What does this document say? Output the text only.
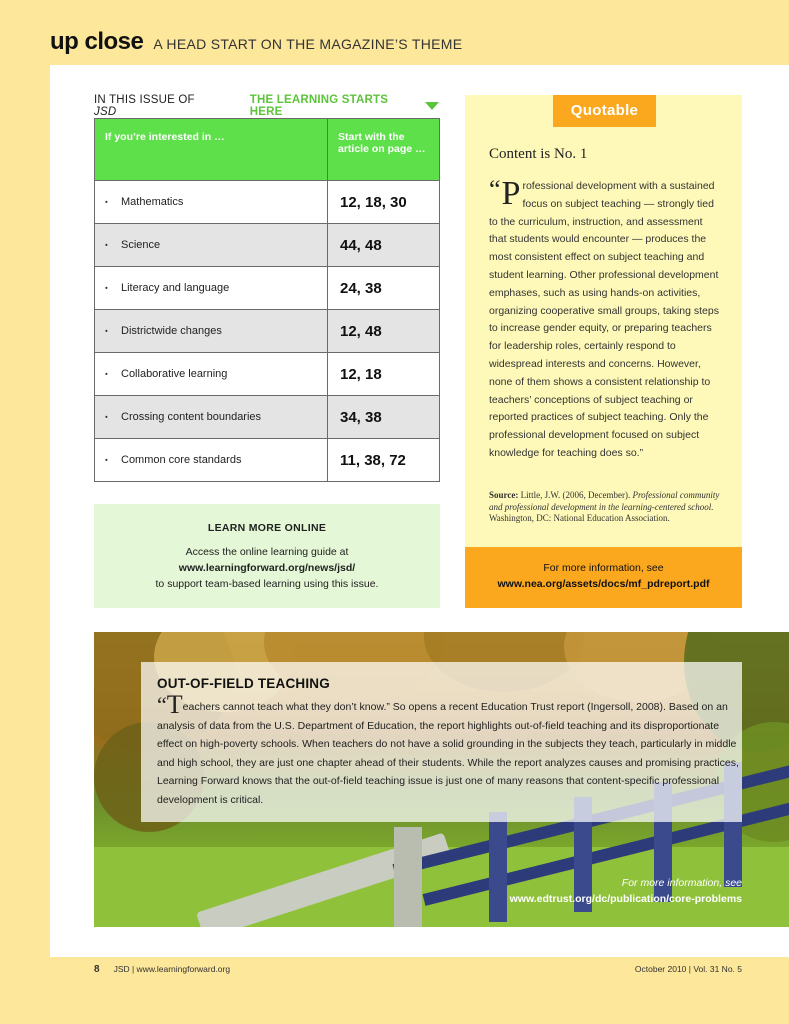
up close A HEAD START ON THE MAGAZINE’S THEME
IN THIS ISSUE OF JSD
THE LEARNING STARTS HERE
If you’re interested in …	Start with the article on page …
• Mathematics	12, 18, 30
• Science	44, 48
• Literacy and language	24, 38
• Districtwide changes	12, 48
• Collaborative learning	12, 18
• Crossing content boundaries	34, 38
• Common core standards	11, 38, 72
LEARN MORE ONLINE
Access the online learning guide at
www.learningforward.org/news/jsd/
to support team-based learning using this issue.
Quotable
Content is No. 1
“P rofessional development with a sustained focus on subject teaching — strongly tied to the curriculum, instruction, and assessment that students would encounter — produces the most consistent effect on subject teaching and student learning. Other professional development emphases, such as using hands-on activities, organizing cooperative small groups, taking steps to increase gender equity, or preparing teachers for leadership roles, certainly respond to widespread interests and concerns. However, none of them shows a consistent relationship to teachers’ conceptions of subject teaching or reported practices of subject teaching. Only the professional development focused on subject knowledge for teaching does so.”
Source: Little, J.W. (2006, December). Professional community and professional development in the learning-centered school. Washington, DC: National Education Association.
For more information, see
www.nea.org/assets/docs/mf_pdreport.pdf
OUT-OF-FIELD TEACHING
“Teachers cannot teach what they don’t know.” So opens a recent Education Trust report (Ingersoll, 2008). Based on an analysis of data from the U.S. Department of Education, the report highlights out-of-field teaching and its disproportionate effect on high-poverty schools. When teachers do not have a solid grounding in the subjects they teach, particularly in middle and high school, they are just one chapter ahead of their students. While the report analyzes causes and promising practices, Learning Forward knows that the out-of-field teaching issue is just one of many reasons that content-specific professional development is critical.
For more information, see
www.edtrust.org/dc/publication/core-problems
8 JSD | www.learningforward.org	October 2010 | Vol. 31 No. 5
